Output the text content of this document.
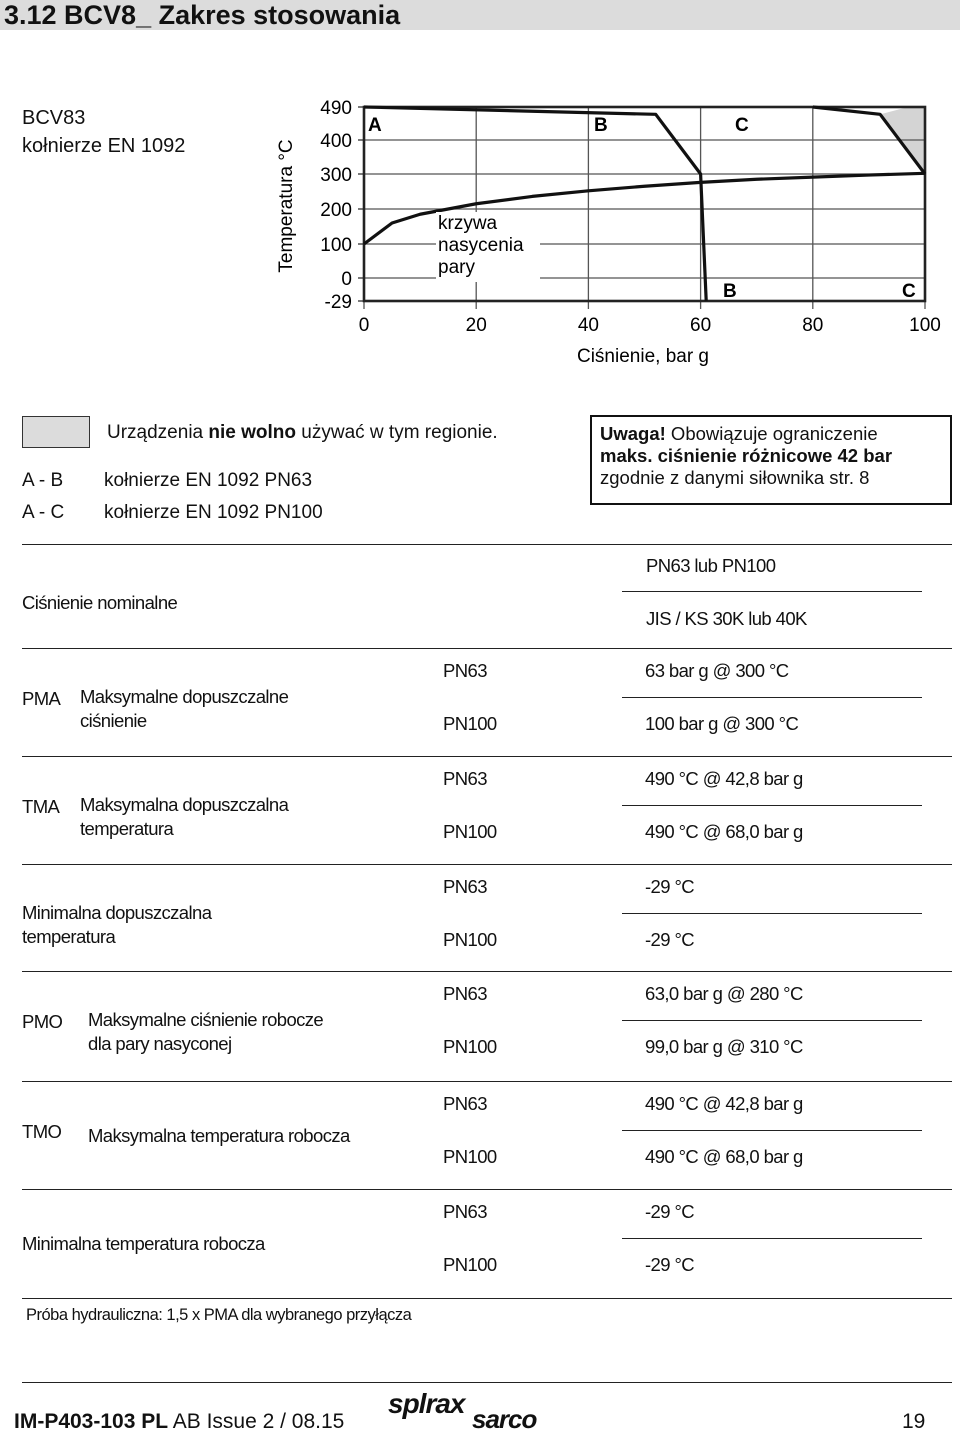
3.12 BCV8_ Zakres stosowania
BCV83
kołnierze EN 1092
490
400
300
200
100
0
-29
0	20	40	60	80	100
Temperatura °C
Ciśnienie, bar g
A	B	C
B	C
krzywa
nasycenia
pary
Urządzenia nie wolno używać w tym regionie.
A - B kołnierze EN 1092 PN63
A - C kołnierze EN 1092 PN100
Uwaga! Obowiązuje ograniczenie
maks. ciśnienie różnicowe 42 bar
zgodnie z danymi siłownika str. 8
Ciśnienie nominalne
PN63 lub PN100
JIS / KS 30K lub 40K
PMA Maksymalne dopuszczalne
ciśnienie
PN63	63 bar g @ 300 °C
PN100	100 bar g @ 300 °C
TMA Maksymalna dopuszczalna
temperatura
PN63	490 °C @ 42,8 bar g
PN100	490 °C @ 68,0 bar g
Minimalna dopuszczalna
temperatura
PN63	-29 °C
PN100	-29 °C
PMO Maksymalne ciśnienie robocze
dla pary nasyconej
PN63	63,0 bar g @ 280 °C
PN100	99,0 bar g @ 310 °C
TMO Maksymalna temperatura robocza
PN63	490 °C @ 42,8 bar g
PN100	490 °C @ 68,0 bar g
Minimalna temperatura robocza
PN63	-29 °C
PN100	-29 °C
Próba hydrauliczna: 1,5 x PMA dla wybranego przyłącza
IM-P403-103 PL AB Issue 2 / 08.15
splrax sarco	19
